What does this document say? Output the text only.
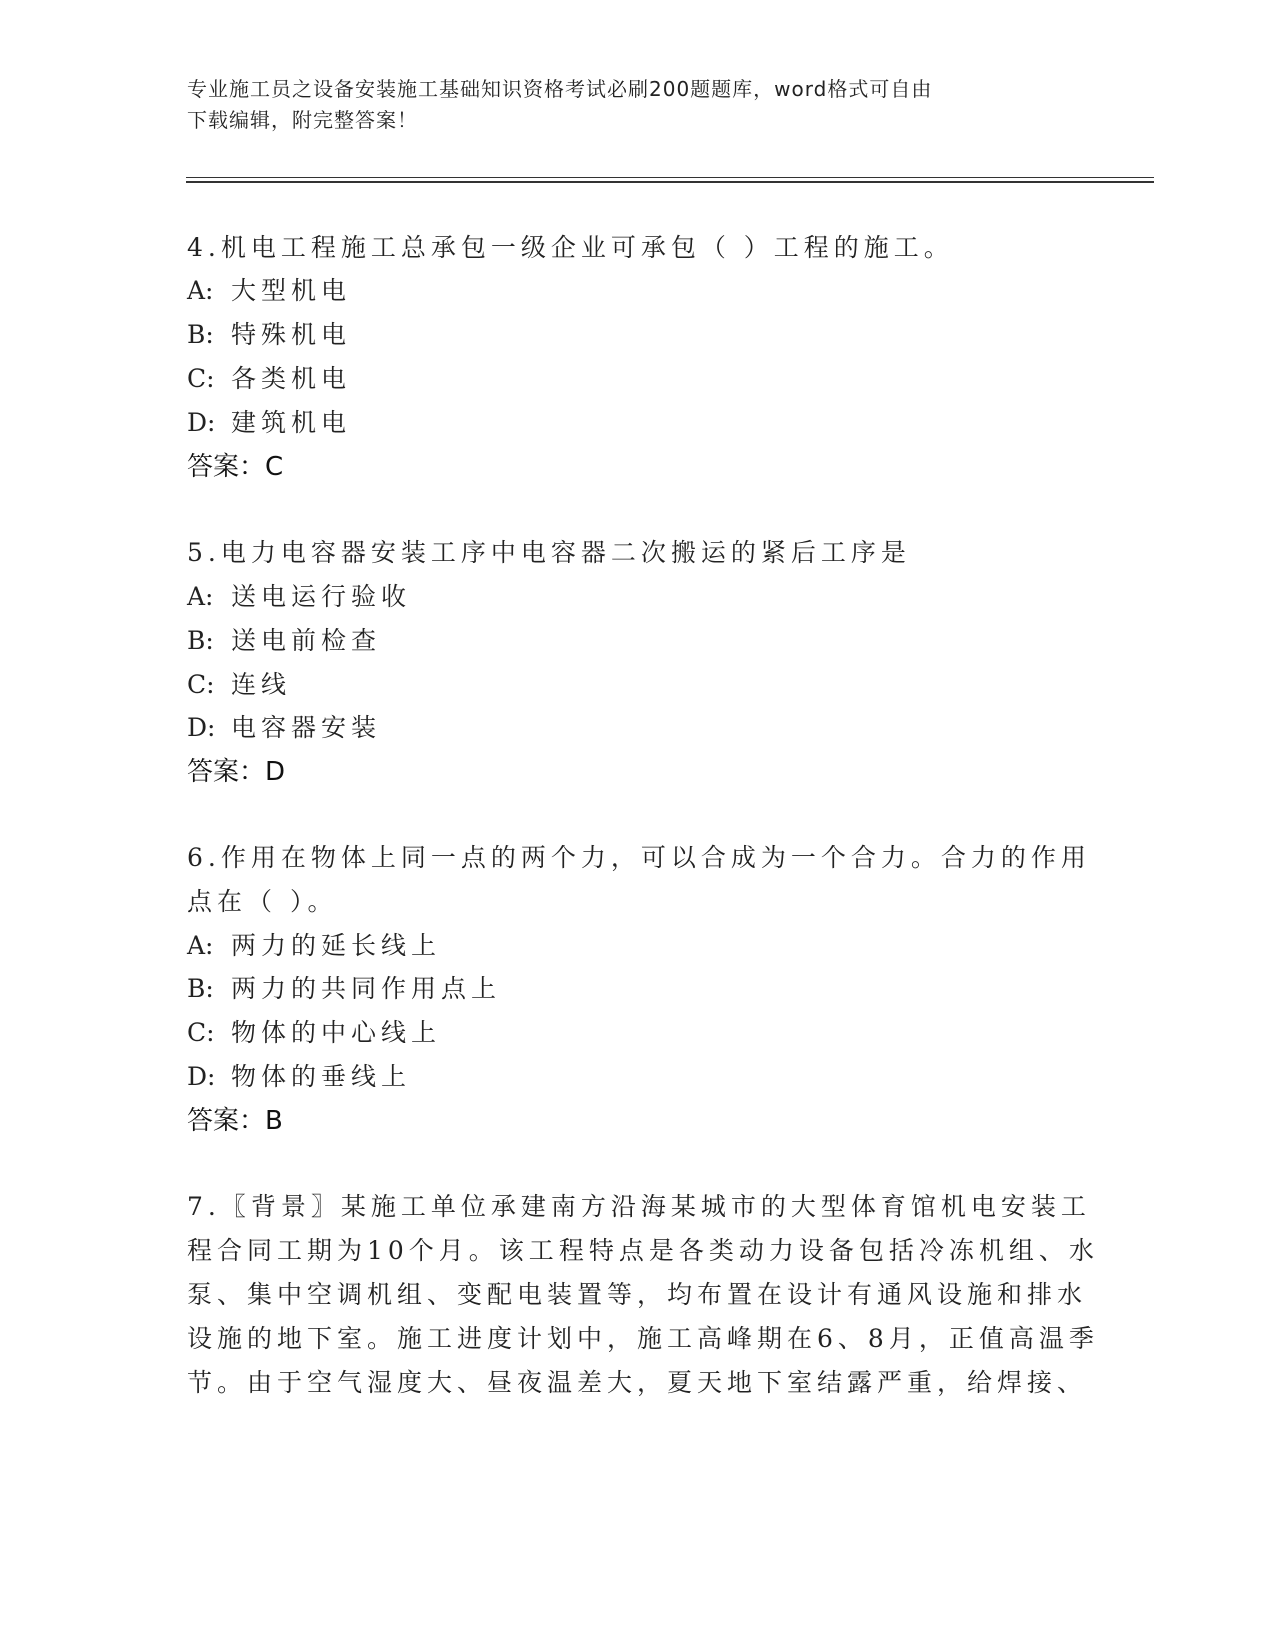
专业施工员之设备安装施工基础知识资格考试必刷200题题库，word格式可自由
下载编辑，附完整答案！
4.机电工程施工总承包一级企业可承包（ ）工程的施工。
A: 大型机电
B: 特殊机电
C: 各类机电
D: 建筑机电
答案：C
5.电力电容器安装工序中电容器二次搬运的紧后工序是
A: 送电运行验收
B: 送电前检查
C: 连线
D: 电容器安装
答案：D
6.作用在物体上同一点的两个力，可以合成为一个合力。合力的作用
点在（ ）。
A: 两力的延长线上
B: 两力的共同作用点上
C: 物体的中心线上
D: 物体的垂线上
答案：B
7.〖背景〗某施工单位承建南方沿海某城市的大型体育馆机电安装工
程合同工期为10个月。该工程特点是各类动力设备包括冷冻机组、水
泵、集中空调机组、变配电装置等，均布置在设计有通风设施和排水
设施的地下室。施工进度计划中，施工高峰期在6、8月，正值高温季
节。由于空气湿度大、昼夜温差大，夏天地下室结露严重，给焊接、
